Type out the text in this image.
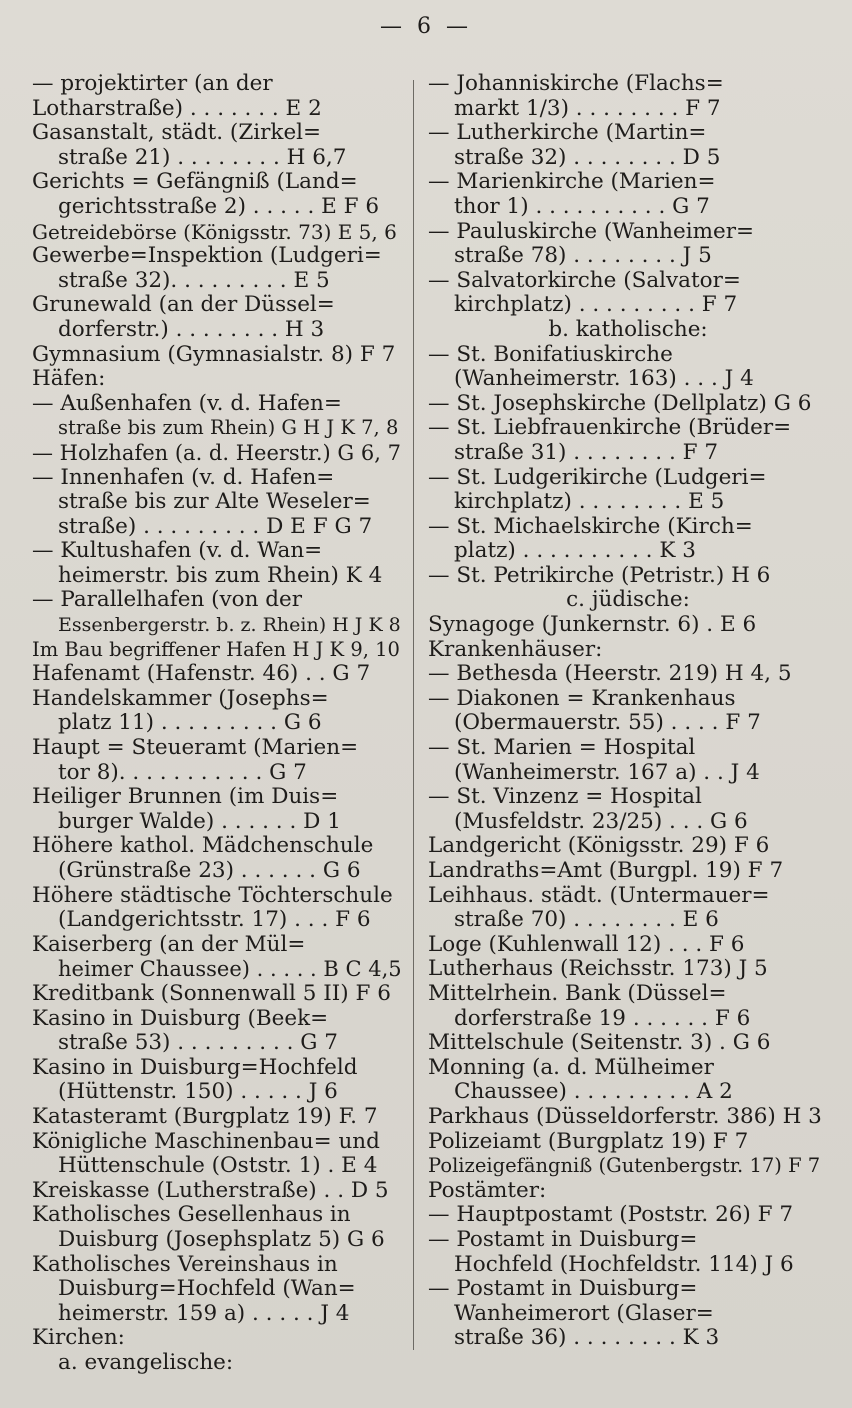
— 6 —
— projektirter (an der
Lotharstraße) . . . . . . . E 2
Gasanstalt, städt. (Zirkel=
straße 21) . . . . . . . . H 6,7
Gerichts = Gefängniß (Land=
gerichtsstraße 2) . . . . . E F 6
Getreidebörse (Königsstr. 73) E 5, 6
Gewerbe=Inspektion (Ludgeri=
straße 32). . . . . . . . . E 5
Grunewald (an der Düssel=
dorferstr.) . . . . . . . . H 3
Gymnasium (Gymnasialstr. 8) F 7
Häfen:
— Außenhafen (v. d. Hafen=
straße bis zum Rhein) G H J K 7, 8
— Holzhafen (a. d. Heerstr.) G 6, 7
— Innenhafen (v. d. Hafen=
straße bis zur Alte Weseler=
straße) . . . . . . . . . D E F G 7
— Kultushafen (v. d. Wan=
heimerstr. bis zum Rhein) K 4
— Parallelhafen (von der
Essenbergerstr. b. z. Rhein) H J K 8
Im Bau begriffener Hafen H J K 9, 10
Hafenamt (Hafenstr. 46) . . G 7
Handelskammer (Josephs=
platz 11) . . . . . . . . . G 6
Haupt = Steueramt (Marien=
tor 8). . . . . . . . . . . G 7
Heiliger Brunnen (im Duis=
burger Walde) . . . . . . D 1
Höhere kathol. Mädchenschule
(Grünstraße 23) . . . . . . G 6
Höhere städtische Töchterschule
(Landgerichtsstr. 17) . . . F 6
Kaiserberg (an der Mül=
heimer Chaussee) . . . . . B C 4,5
Kreditbank (Sonnenwall 5 II) F 6
Kasino in Duisburg (Beek=
straße 53) . . . . . . . . . G 7
Kasino in Duisburg=Hochfeld
(Hüttenstr. 150) . . . . . J 6
Katasteramt (Burgplatz 19) F. 7
Königliche Maschinenbau= und
Hüttenschule (Oststr. 1) . E 4
Kreiskasse (Lutherstraße) . . D 5
Katholisches Gesellenhaus in
Duisburg (Josephsplatz 5) G 6
Katholisches Vereinshaus in
Duisburg=Hochfeld (Wan=
heimerstr. 159 a) . . . . . J 4
Kirchen:
a. evangelische:
— Johanniskirche (Flachs=
markt 1/3) . . . . . . . . F 7
— Lutherkirche (Martin=
straße 32) . . . . . . . . D 5
— Marienkirche (Marien=
thor 1) . . . . . . . . . . G 7
— Pauluskirche (Wanheimer=
straße 78) . . . . . . . . J 5
— Salvatorkirche (Salvator=
kirchplatz) . . . . . . . . . F 7
b. katholische:
— St. Bonifatiuskirche
(Wanheimerstr. 163) . . . J 4
— St. Josephskirche (Dellplatz) G 6
— St. Liebfrauenkirche (Brüder=
straße 31) . . . . . . . . F 7
— St. Ludgerikirche (Ludgeri=
kirchplatz) . . . . . . . . E 5
— St. Michaelskirche (Kirch=
platz) . . . . . . . . . . K 3
— St. Petrikirche (Petristr.) H 6
c. jüdische:
Synagoge (Junkernstr. 6) . E 6
Krankenhäuser:
— Bethesda (Heerstr. 219) H 4, 5
— Diakonen = Krankenhaus
(Obermauerstr. 55) . . . . F 7
— St. Marien = Hospital
(Wanheimerstr. 167 a) . . J 4
— St. Vinzenz = Hospital
(Musfeldstr. 23/25) . . . G 6
Landgericht (Königsstr. 29) F 6
Landraths=Amt (Burgpl. 19) F 7
Leihhaus. städt. (Untermauer=
straße 70) . . . . . . . . E 6
Loge (Kuhlenwall 12) . . . F 6
Lutherhaus (Reichsstr. 173) J 5
Mittelrhein. Bank (Düssel=
dorferstraße 19 . . . . . . F 6
Mittelschule (Seitenstr. 3) . G 6
Monning (a. d. Mülheimer
Chaussee) . . . . . . . . . A 2
Parkhaus (Düsseldorferstr. 386) H 3
Polizeiamt (Burgplatz 19) F 7
Polizeigefängniß (Gutenbergstr. 17) F 7
Postämter:
— Hauptpostamt (Poststr. 26) F 7
— Postamt in Duisburg=
Hochfeld (Hochfeldstr. 114) J 6
— Postamt in Duisburg=
Wanheimerort (Glaser=
straße 36) . . . . . . . . K 3
